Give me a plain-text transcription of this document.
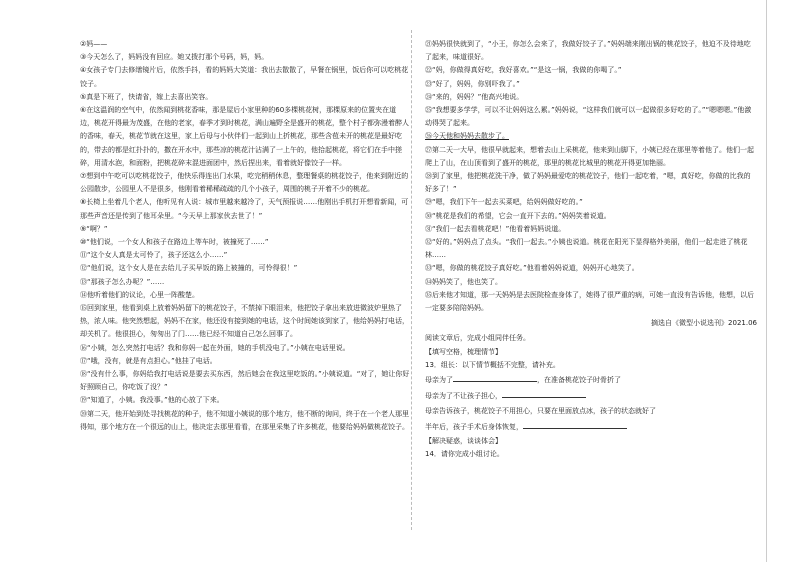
②妈——

③今天怎么了，妈妈没有回应。她又拨打那个号码，妈，妈。

④女孩子专门去修缮镜片后，依然手抖，看的妈妈大笑道：我出去散散了，早餐在锅里，饭后你可以吃桃花饺子。

⑤真是下班了，快请省，嫁上去喜出笑容。

⑥在这温润的空气中，依然闻到桃花香味，那是屋后小家里种的60多棵桃花树，那棵原来的位置夹在道边，桃花开得最为茂盛，在他的老家，春季才到时桃花，满山遍野全是盛开的桃花，整个村子都弥漫着醉人的香味，春天，桃花节就在这里，家上后母与小伙伴们一起到山上折桃花，那些含苞未开的桃花是最好吃的，带去的都是红扑扑的，撒在开水中，那些凉的桃花汁沾满了一上午的，他拾起桃花，将它们在手中搓碎，用清水泡，和面粉，把桃花碎末混进面团中，然后捏出来，看着就好像饺子一样。

⑦想到中午吃可以吃桃花饺子，他快乐得连出门水果，吃完稍稍休息，整理餐桌的桃花饺子，他来到附近的公园散步，公园里人不是很多，他刚看着稀稀疏疏的几个小孩子，周围的桃子开着不少的桃花。

⑧长椅上坐着几个老人，他听见有人说：城市里越来越冷了，天气预报说……他刚出手机打开想看新闻，可那些声音还是传到了他耳朵里。“今天早上那家伙去世了！”

⑨“啊？”

⑩“他们说，一个女人和孩子在路边上等车时，被撞死了……”

⑪“这个女人真是太可怜了，孩子还这么小……”

⑫“他们说，这个女人是在去给儿子买早饭的路上被撞的，可怜得很！”

⑬“那孩子怎么办呢？”……

⑭他听着他们的议论，心里一阵酸楚。

⑮回到家里，他看到桌上放着妈妈留下的桃花饺子，不禁掉下眼泪来，他把饺子拿出来放进微波炉里热了热，浓人味。他突然想起，妈妈不在家，他还没有接到她的电话，这个时间她该到家了，他给妈妈打电话，却关机了。他很担心，匆匆出了门……他已经不知道自己怎么回事了。

⑯“小姨，怎么突然打电话？我和你妈一起在外面，她的手机没电了。”小姨在电话里说。

⑰“哦，没有，就是有点担心。”他挂了电话。

⑱“没有什么事，你妈给我打电话说是要去买东西，然后她会在我这里吃饭的。”小姨说道。“对了，她让你好好照顾自己，你吃饭了没？”

⑲“知道了，小姨。我没事。”他的心放了下来。

⑳第二天，他开始到处寻找桃花的种子，他不知道小姨说的那个地方，他不断的询问，终于在一个老人那里得知，那个地方在一个很远的山上，他决定去那里看看，在那里采集了许多桃花，他要给妈妈做桃花饺子。

㉑妈妈很快就到了，“小王，你怎么会来了，我做好饺子了。”妈妈端来刚出锅的桃花饺子，他迫不及待地吃了起来，味道很好。

㉒“妈，你做得真好吃，我好喜欢。”“是这一锅，我做的你喝了。”

㉓“好了，妈妈，你别吓我了。”

㉔“来的，妈妈？”他高兴地说。

㉕“我想要多学学，可以不让妈妈这么累。”妈妈说，“这样我们就可以一起做很多好吃的了。”“嗯嗯嗯。”他激动得哭了起来。

㉖今天他和妈妈去散步了。

㉗第二天一大早，他很早就起来，想着去山上采桃花，他来到山脚下，小姨已经在那里等着他了。他们一起爬上了山，在山顶看到了盛开的桃花，那里的桃花比城里的桃花开得更加艳丽。

㉘到了家里，他把桃花洗干净，做了妈妈最爱吃的桃花饺子，他们一起吃着，“嗯，真好吃，你做的比我的好多了！”

㉙“嗯，我们下午一起去买菜吧，给妈妈做好吃的。”

㉚“桃花是我们的希望，它会一直开下去的。”妈妈笑着说道。

㉛“我们一起去看桃花吧！”他看着妈妈说道。

㉜“好的。”妈妈点了点头。“我们一起去。”小姨也说道。桃花在阳光下显得格外美丽，他们一起走进了桃花林……

㉝“嗯，你做的桃花饺子真好吃。”他看着妈妈说道，妈妈开心地笑了。

㉞妈妈笑了，他也笑了。

㉟后来他才知道，那一天妈妈是去医院检查身体了，她得了很严重的病，可她一直没有告诉他，他想，以后一定要多陪陪妈妈。

摘选自《微型小说选刊》2021.06

阅读文章后，完成小组同伴任务。

【填写空格，梳理情节】

13．组长：以下情节概括不完整，请补充。

母亲为了	，在准备桃花饺子时骨折了

母亲为了不让孩子担心，

母亲告诉孩子，桃花饺子不用担心，只要在里面放点冰，孩子的状态就好了

半年后，孩子手术后身体恢复，

【解决疑惑，谈谈体会】

14．请你完成小组讨论。
